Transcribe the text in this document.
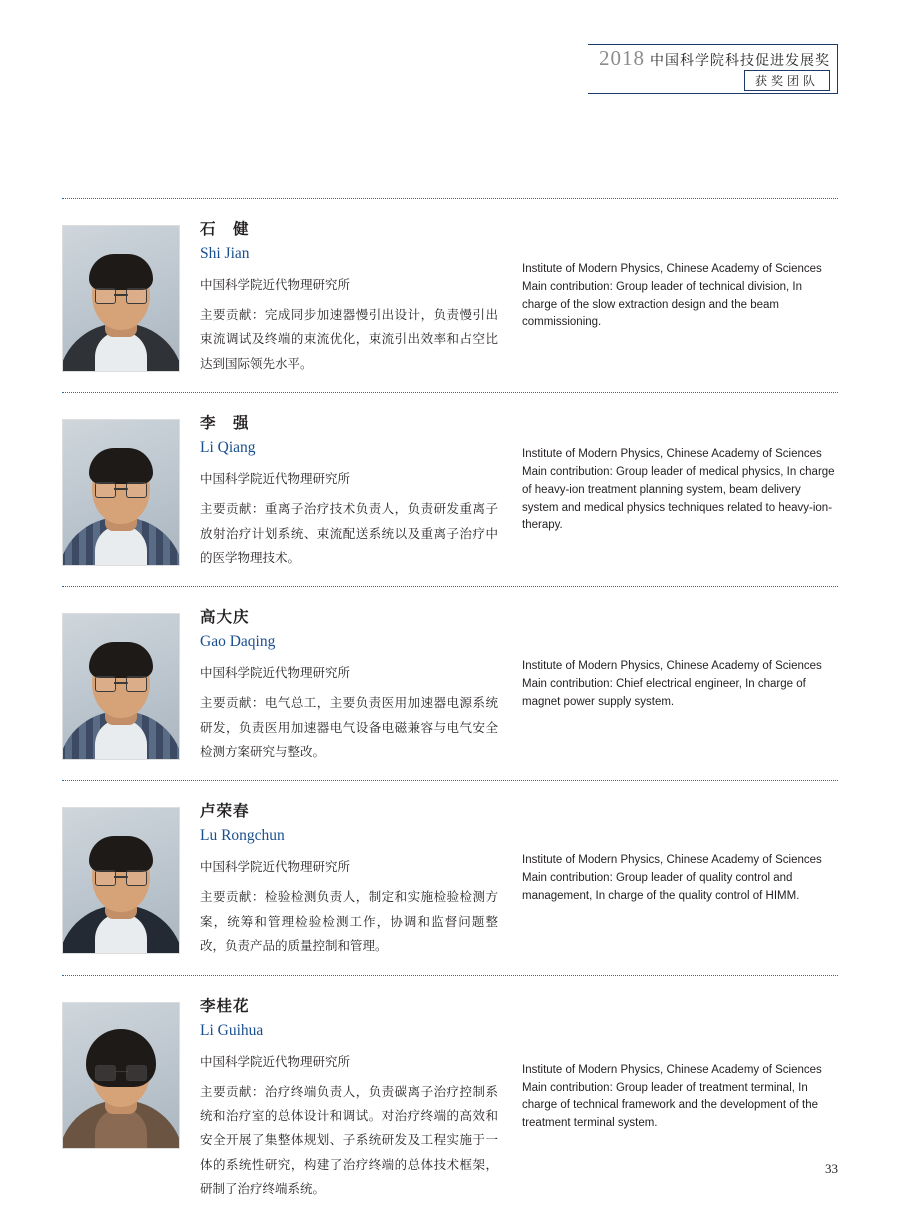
2018 中国科学院科技促进发展奖
获奖团队
石　健
Shi Jian
中国科学院近代物理研究所
主要贡献：完成同步加速器慢引出设计，负责慢引出束流调试及终端的束流优化，束流引出效率和占空比达到国际领先水平。
Institute of Modern Physics, Chinese Academy of Sciences
Main contribution: Group leader of technical division, In charge of the slow extraction design and the beam commissioning.
李　强
Li Qiang
中国科学院近代物理研究所
主要贡献：重离子治疗技术负责人，负责研发重离子放射治疗计划系统、束流配送系统以及重离子治疗中的医学物理技术。
Institute of Modern Physics, Chinese Academy of Sciences
Main contribution: Group leader of medical physics, In charge of heavy-ion treatment planning system, beam delivery system and medical physics techniques related to heavy-ion-therapy.
高大庆
Gao Daqing
中国科学院近代物理研究所
主要贡献：电气总工，主要负责医用加速器电源系统研发，负责医用加速器电气设备电磁兼容与电气安全检测方案研究与整改。
Institute of Modern Physics, Chinese Academy of Sciences
Main contribution: Chief electrical engineer, In charge of magnet power supply system.
卢荣春
Lu Rongchun
中国科学院近代物理研究所
主要贡献：检验检测负责人，制定和实施检验检测方案，统筹和管理检验检测工作，协调和监督问题整改，负责产品的质量控制和管理。
Institute of Modern Physics, Chinese Academy of Sciences
Main contribution: Group leader of quality control and management, In charge of the quality control of HIMM.
李桂花
Li Guihua
中国科学院近代物理研究所
主要贡献：治疗终端负责人，负责碳离子治疗控制系统和治疗室的总体设计和调试。对治疗终端的高效和安全开展了集整体规划、子系统研发及工程实施于一体的系统性研究，构建了治疗终端的总体技术框架，研制了治疗终端系统。
Institute of Modern Physics, Chinese Academy of Sciences
Main contribution: Group leader of treatment terminal, In charge of technical framework and the development of the treatment terminal system.
33
